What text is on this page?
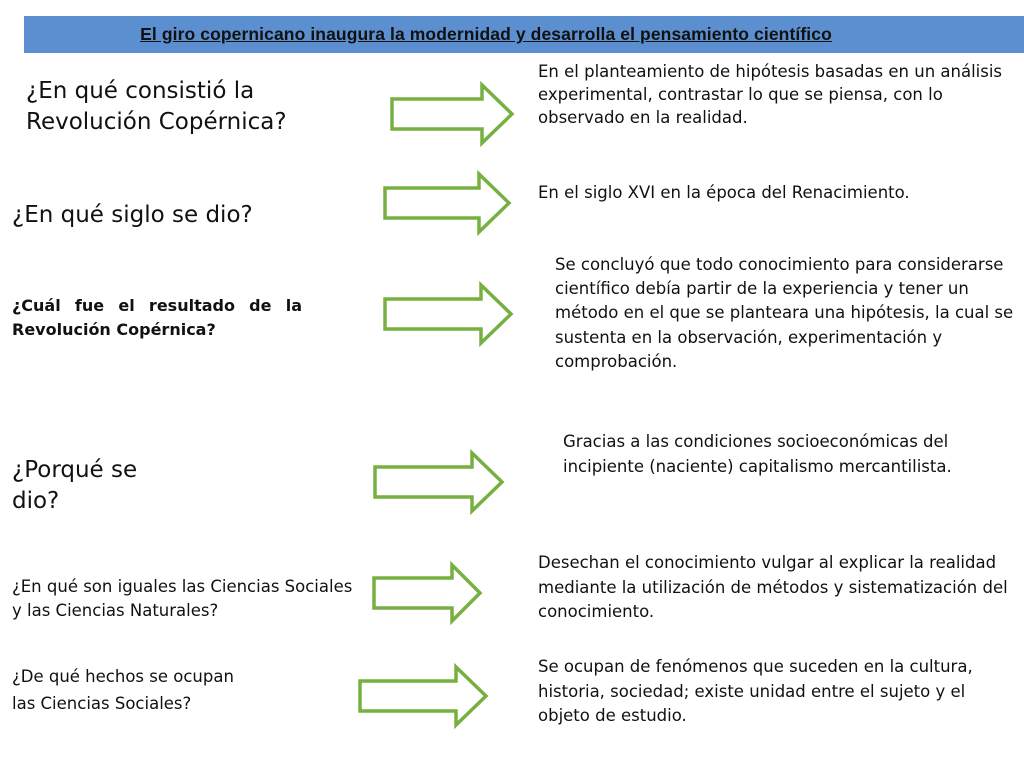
El giro copernicano inaugura la modernidad y desarrolla el pensamiento científico

¿En qué consistió la Revolución Copérnica?

En el planteamiento de hipótesis basadas en un análisis experimental, contrastar lo que se piensa, con lo observado en la realidad.

¿En qué siglo se dio?

En el siglo XVI en la época del Renacimiento.

¿Cuál fue el resultado de la Revolución Copérnica?

Se concluyó que todo conocimiento para considerarse científico debía partir de la experiencia y tener un método en el que se planteara una hipótesis, la cual se sustenta en la observación, experimentación y comprobación.

¿Porqué se dio?

Gracias a las condiciones socioeconómicas del incipiente (naciente) capitalismo mercantilista.

¿En qué son iguales las Ciencias Sociales y las Ciencias Naturales?

Desechan el conocimiento vulgar al explicar la realidad mediante la utilización de métodos y sistematización del conocimiento.

¿De qué hechos se ocupan las Ciencias Sociales?

Se ocupan de fenómenos que suceden en la cultura, historia, sociedad; existe unidad entre el sujeto y el objeto de estudio.
